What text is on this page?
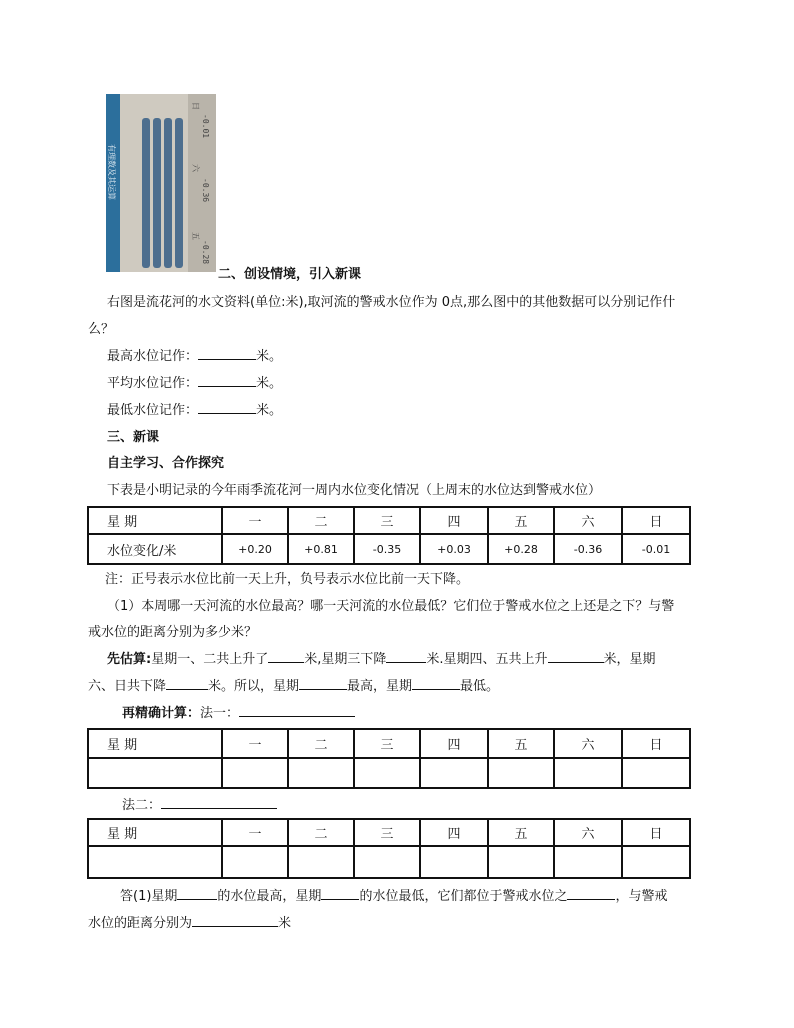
-0.01
-0.36
-0.28
日
六
五
有理数及其运算
二、创设情境，引入新课
右图是流花河的水文资料(单位:米),取河流的警戒水位作为 0点,那么图中的其他数据可以分别记作什
么？
最高水位记作：	米。
平均水位记作：	米。
最低水位记作：	米。
三、新课
自主学习、合作探究
下表是小明记录的今年雨季流花河一周内水位变化情况（上周末的水位达到警戒水位）
星 期	一	二	三	四	五	六	日
水位变化/米	+0.20	+0.81	-0.35	+0.03	+0.28	-0.36	-0.01
注：正号表示水位比前一天上升，负号表示水位比前一天下降。
（1）本周哪一天河流的水位最高？哪一天河流的水位最低？它们位于警戒水位之上还是之下？与警
戒水位的距离分别为多少米？
先估算:星期一、二共上升了	米,星期三下降	米.星期四、五共上升	米，星期
六、日共下降	米。所以，星期	最高，星期	最低。
再精确计算：法一：
星 期	一	二	三	四	五	六	日

法二：
星 期	一	二	三	四	五	六	日

答(1)星期	的水位最高，星期	的水位最低，它们都位于警戒水位之	，与警戒
水位的距离分别为	米
